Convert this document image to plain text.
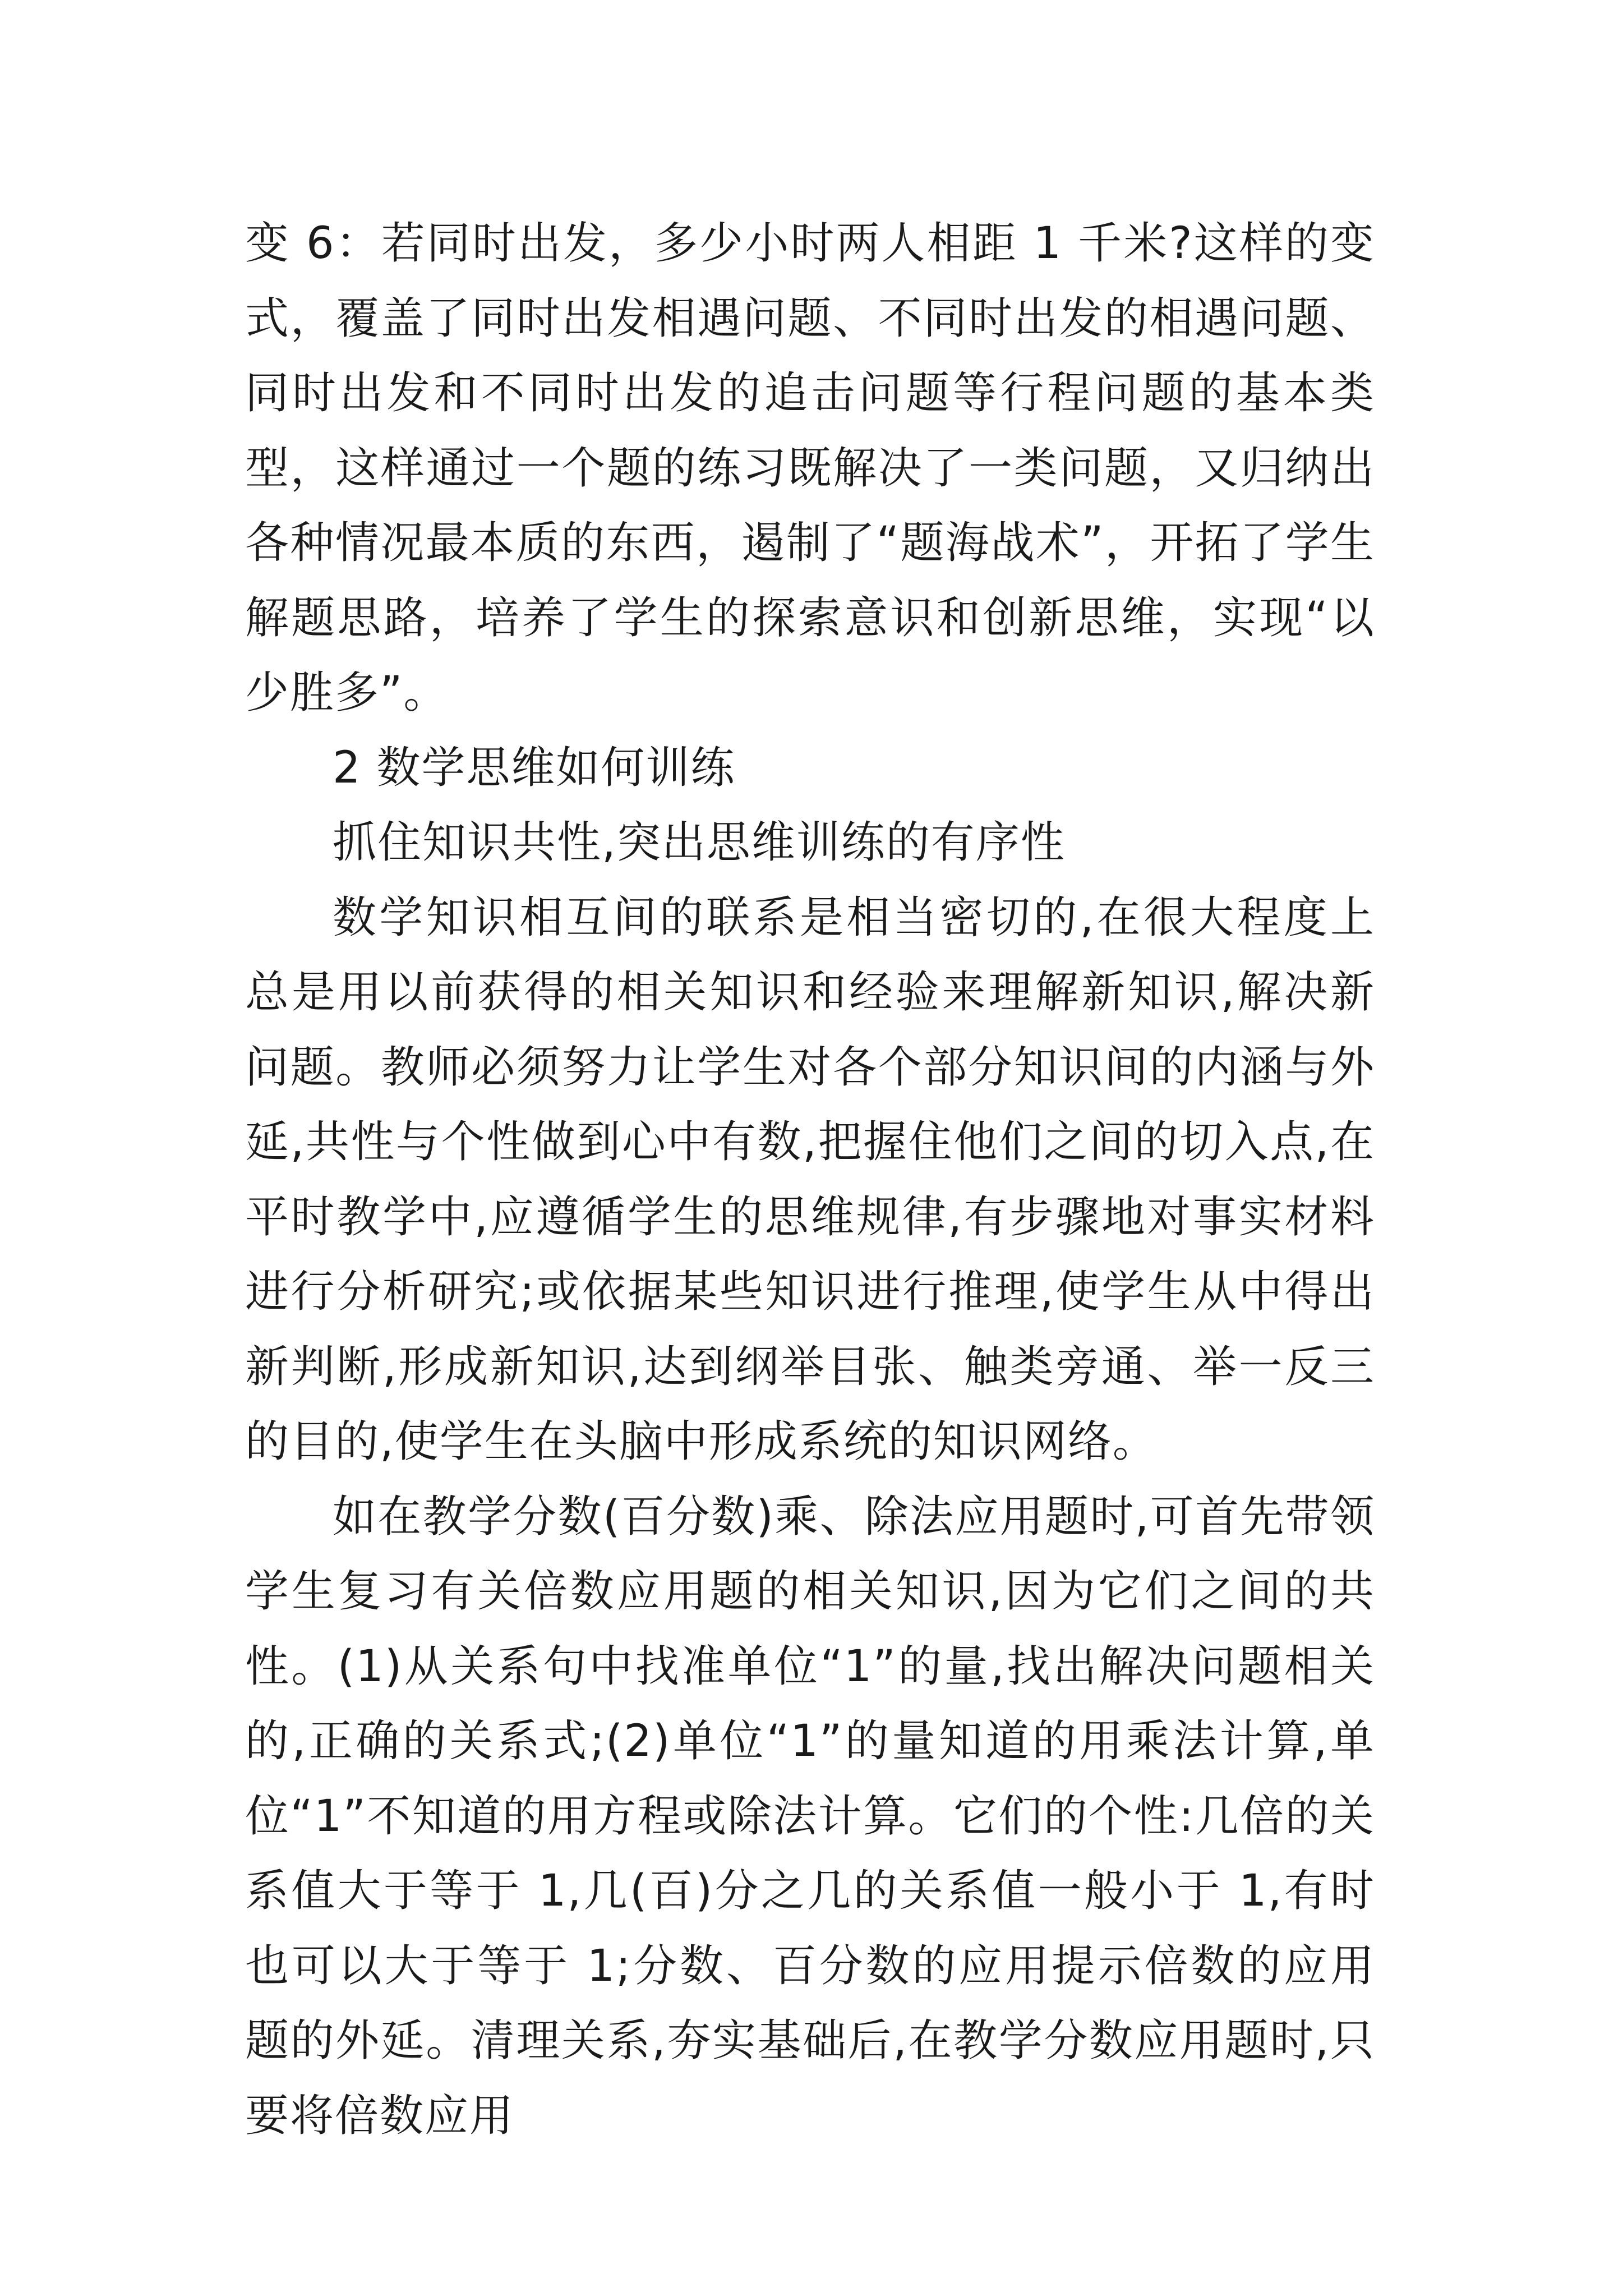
变 6：若同时出发，多少小时两人相距 1 千米?这样的变式，覆盖了同时出发相遇问题、不同时出发的相遇问题、同时出发和不同时出发的追击问题等行程问题的基本类型，这样通过一个题的练习既解决了一类问题，又归纳出各种情况最本质的东西，遏制了“题海战术”，开拓了学生解题思路，培养了学生的探索意识和创新思维，实现“以少胜多”。

2 数学思维如何训练

抓住知识共性,突出思维训练的有序性

数学知识相互间的联系是相当密切的,在很大程度上总是用以前获得的相关知识和经验来理解新知识,解决新问题。教师必须努力让学生对各个部分知识间的内涵与外延,共性与个性做到心中有数,把握住他们之间的切入点,在平时教学中,应遵循学生的思维规律,有步骤地对事实材料进行分析研究;或依据某些知识进行推理,使学生从中得出新判断,形成新知识,达到纲举目张、触类旁通、举一反三的目的,使学生在头脑中形成系统的知识网络。

如在教学分数(百分数)乘、除法应用题时,可首先带领学生复习有关倍数应用题的相关知识,因为它们之间的共性。(1)从关系句中找准单位“1”的量,找出解决问题相关的,正确的关系式;(2)单位“1”的量知道的用乘法计算,单位“1”不知道的用方程或除法计算。它们的个性:几倍的关系值大于等于 1,几(百)分之几的关系值一般小于 1,有时也可以大于等于 1;分数、百分数的应用提示倍数的应用题的外延。清理关系,夯实基础后,在教学分数应用题时,只要将倍数应用
